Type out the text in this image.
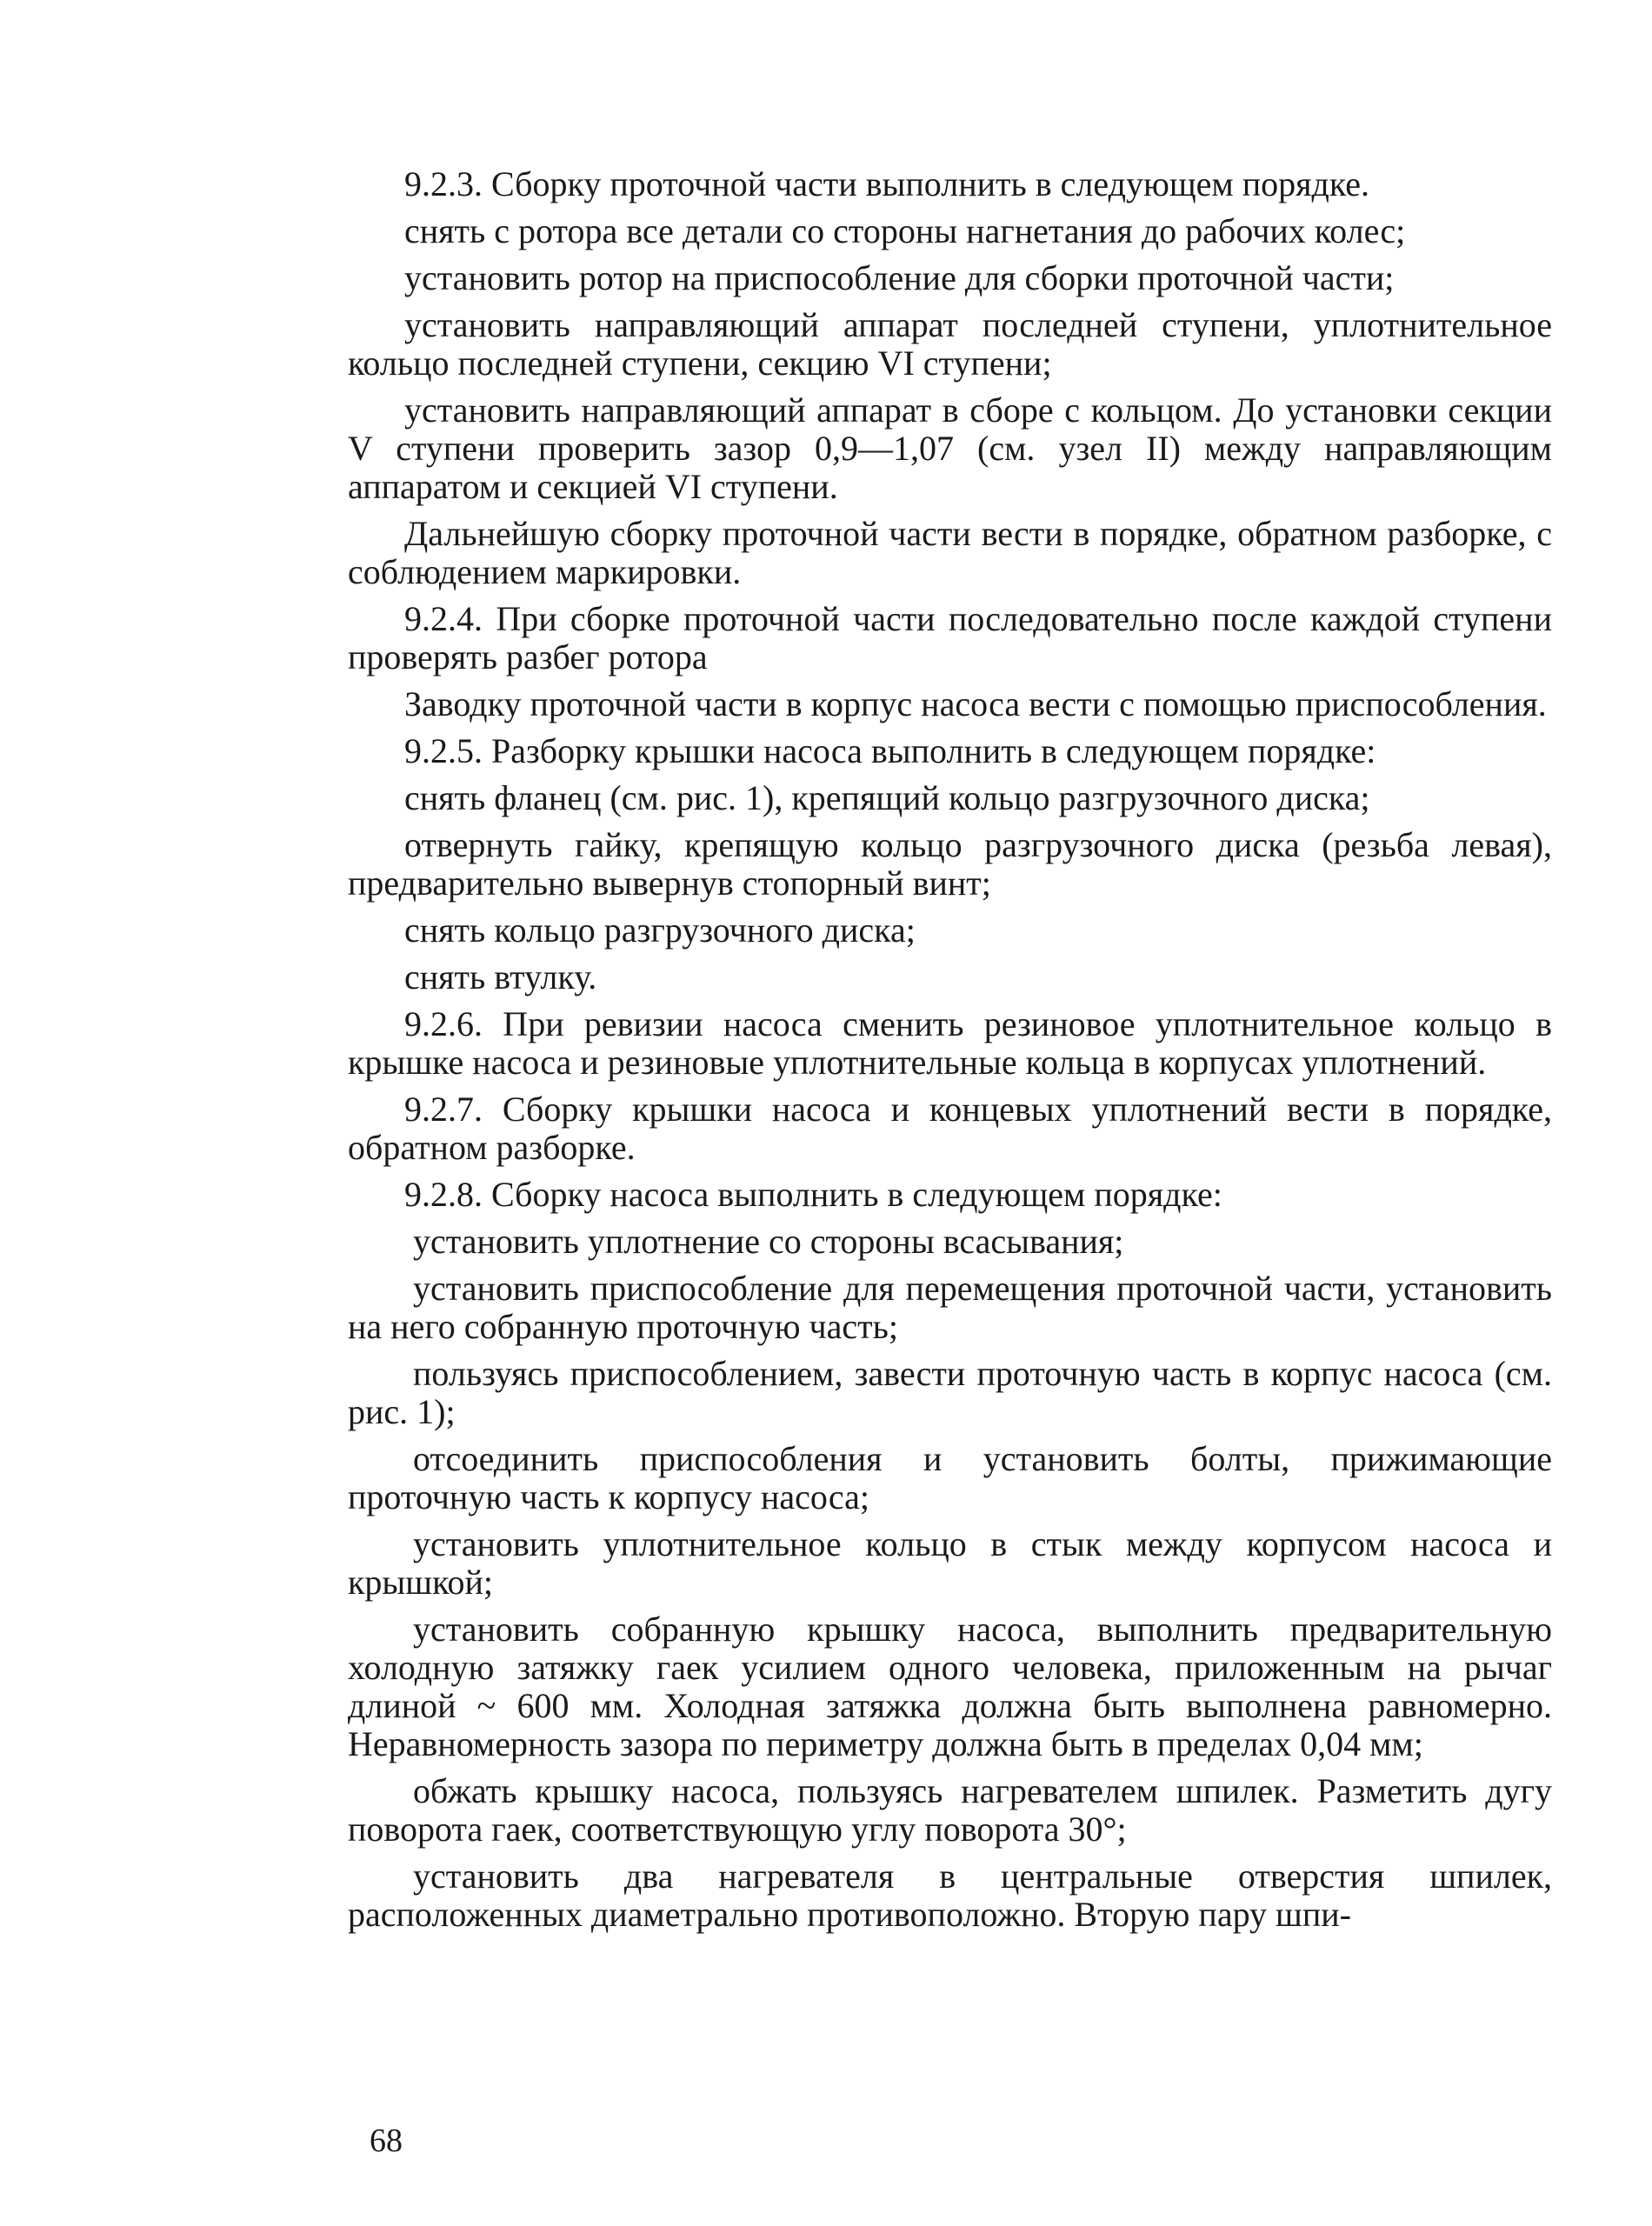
9.2.3. Сборку проточной части выполнить в следующем порядке.

снять с ротора все детали со стороны нагнетания до рабочих колес;

установить ротор на приспособление для сборки проточной части;

установить направляющий аппарат последней ступени, уплотнительное кольцо последней ступени, секцию VI ступени;

установить направляющий аппарат в сборе с кольцом. До установки секции V ступени проверить зазор 0,9—1,07 (см. узел II) между направляющим аппаратом и секцией VI ступени.

Дальнейшую сборку проточной части вести в порядке, обратном разборке, с соблюдением маркировки.

9.2.4. При сборке проточной части последовательно после каждой ступени проверять разбег ротора

Заводку проточной части в корпус насоса вести с помощью приспособления.

9.2.5. Разборку крышки насоса выполнить в следующем порядке:

снять фланец (см. рис. 1), крепящий кольцо разгрузочного диска;

отвернуть гайку, крепящую кольцо разгрузочного диска (резьба левая), предварительно вывернув стопорный винт;

снять кольцо разгрузочного диска;

снять втулку.

9.2.6. При ревизии насоса сменить резиновое уплотнительное кольцо в крышке насоса и резиновые уплотнительные кольца в корпусах уплотнений.

9.2.7. Сборку крышки насоса и концевых уплотнений вести в порядке, обратном разборке.

9.2.8. Сборку насоса выполнить в следующем порядке:

установить уплотнение со стороны всасывания;

установить приспособление для перемещения проточной части, установить на него собранную проточную часть;

пользуясь приспособлением, завести проточную часть в корпус насоса (см. рис. 1);

отсоединить приспособления и установить болты, прижимающие проточную часть к корпусу насоса;

установить уплотнительное кольцо в стык между корпусом насоса и крышкой;

установить собранную крышку насоса, выполнить предварительную холодную затяжку гаек усилием одного человека, приложенным на рычаг длиной ~ 600 мм. Холодная затяжка должна быть выполнена равномерно. Неравномерность зазора по периметру должна быть в пределах 0,04 мм;

обжать крышку насоса, пользуясь нагревателем шпилек. Разметить дугу поворота гаек, соответствующую углу поворота 30°;

установить два нагревателя в центральные отверстия шпилек, расположенных диаметрально противоположно. Вторую пару шпи-

68
